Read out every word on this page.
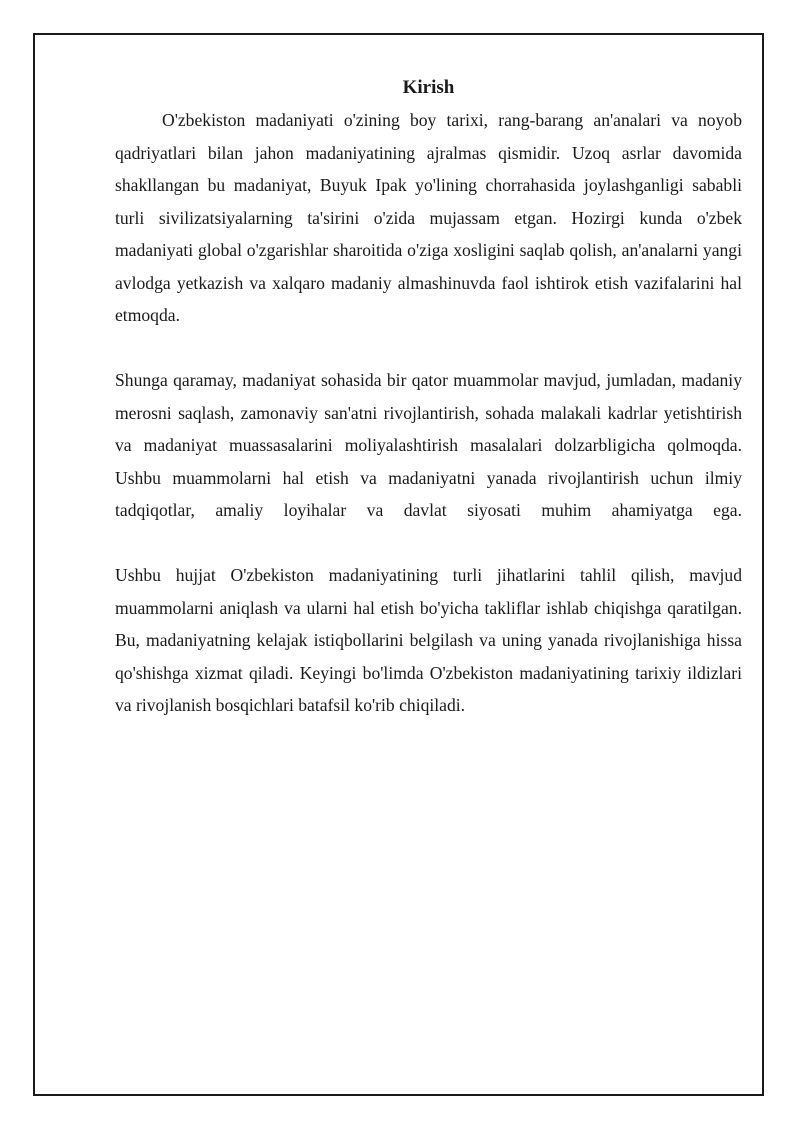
Kirish

O'zbekiston madaniyati o'zining boy tarixi, rang-barang an'analari va noyob qadriyatlari bilan jahon madaniyatining ajralmas qismidir. Uzoq asrlar davomida shakllangan bu madaniyat, Buyuk Ipak yo'lining chorrahasida joylashganligi sababli turli sivilizatsiyalarning ta'sirini o'zida mujassam etgan. Hozirgi kunda o'zbek madaniyati global o'zgarishlar sharoitida o'ziga xosligini saqlab qolish, an'analarni yangi avlodga yetkazish va xalqaro madaniy almashinuvda faol ishtirok etish vazifalarini hal etmoqda.

Shunga qaramay, madaniyat sohasida bir qator muammolar mavjud, jumladan, madaniy merosni saqlash, zamonaviy san'atni rivojlantirish, sohada malakali kadrlar yetishtirish va madaniyat muassasalarini moliyalashtirish masalalari dolzarbligicha qolmoqda. Ushbu muammolarni hal etish va madaniyatni yanada rivojlantirish uchun ilmiy tadqiqotlar, amaliy loyihalar va davlat siyosati muhim ahamiyatga ega.

Ushbu hujjat O'zbekiston madaniyatining turli jihatlarini tahlil qilish, mavjud muammolarni aniqlash va ularni hal etish bo'yicha takliflar ishlab chiqishga qaratilgan. Bu, madaniyatning kelajak istiqbollarini belgilash va uning yanada rivojlanishiga hissa qo'shishga xizmat qiladi. Keyingi bo'limda O'zbekiston madaniyatining tarixiy ildizlari va rivojlanish bosqichlari batafsil ko'rib chiqiladi.
